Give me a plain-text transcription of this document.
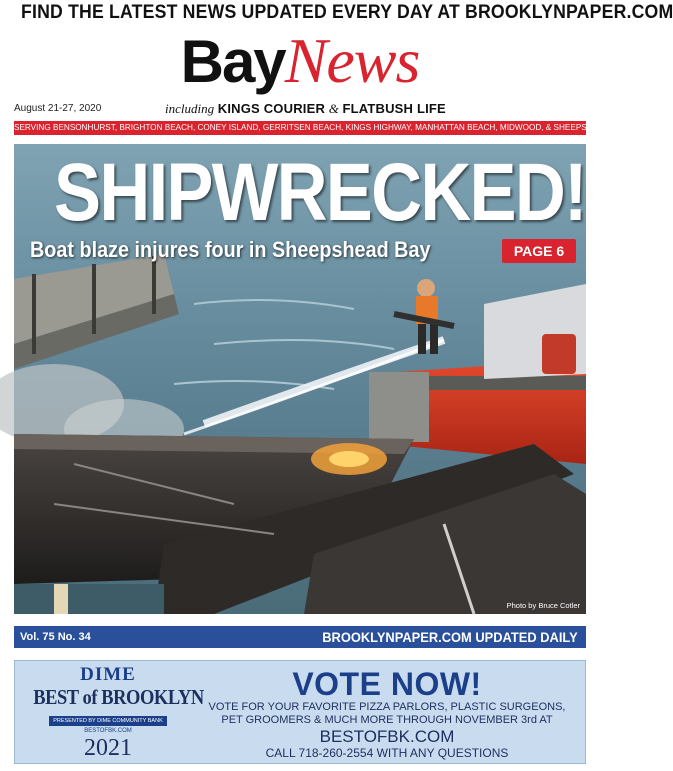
FIND THE LATEST NEWS UPDATED EVERY DAY AT BROOKLYNPAPER.COM
BayNews
August 21-27, 2020	including KINGS COURIER & FLATBUSH LIFE
SERVING BENSONHURST, BRIGHTON BEACH, CONEY ISLAND, GERRITSEN BEACH, KINGS HIGHWAY, MANHATTAN BEACH, MIDWOOD, & SHEEPSHEAD BAY
SHIPWRECKED!
Boat blaze injures four in Sheepshead Bay	PAGE 6
Photo by Bruce Cotler
Vol. 75 No. 34	BROOKLYNPAPER.COM UPDATED DAILY
DIME
BEST of BROOKLYN
PRESENTED BY DIME COMMUNITY BANK
BESTOFBK.COM
2021
VOTE NOW!
VOTE FOR YOUR FAVORITE PIZZA PARLORS, PLASTIC SURGEONS,
PET GROOMERS & MUCH MORE THROUGH NOVEMBER 3rd AT
BESTOFBK.COM
CALL 718-260-2554 WITH ANY QUESTIONS
